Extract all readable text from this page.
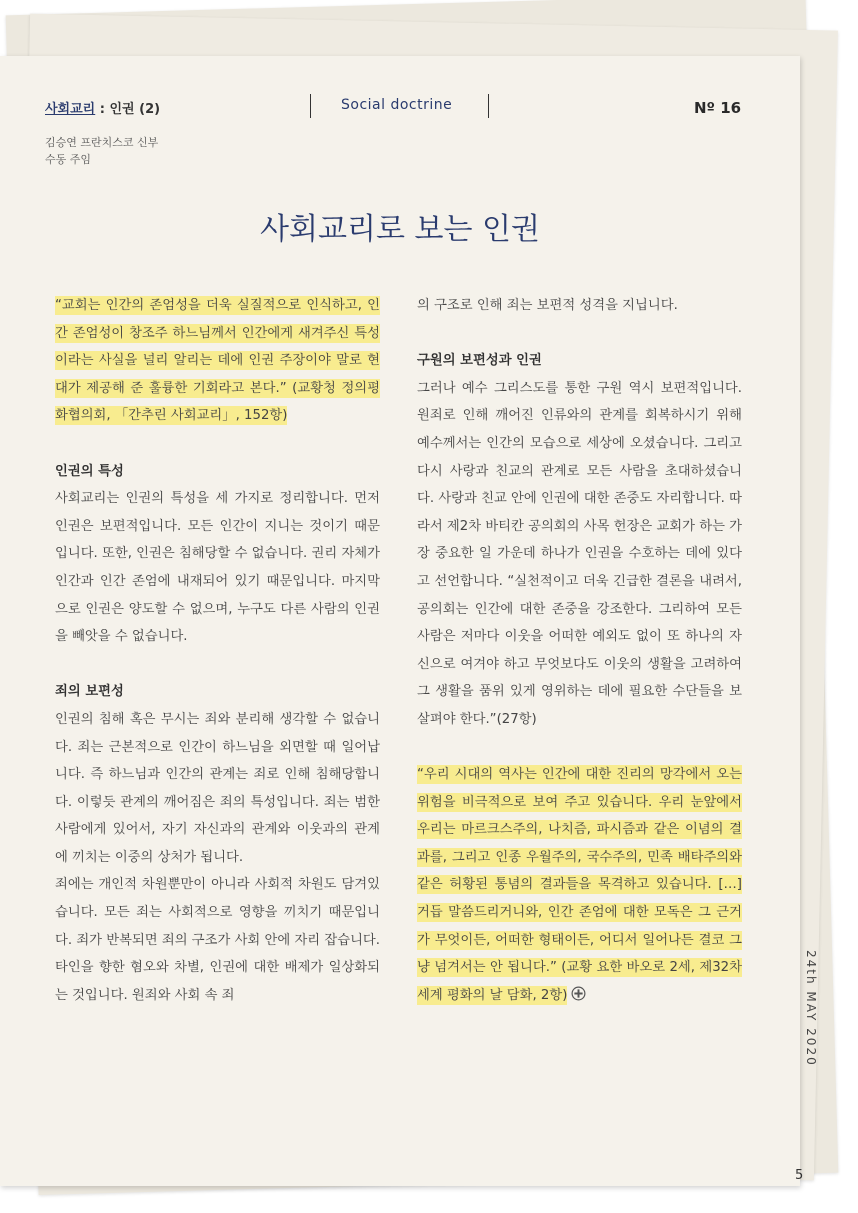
사회교리 : 인권 (2)	Social doctrine	Nº 16
김승연 프란치스코 신부
수동 주임
사회교리로 보는 인권

“교회는 인간의 존엄성을 더욱 실질적으로 인식하고, 인간 존엄성이 창조주 하느님께서 인간에게 새겨주신 특성이라는 사실을 널리 알리는 데에 인권 주장이야 말로 현대가 제공해 준 훌륭한 기회라고 본다.” (교황청 정의평화협의회, 「간추린 사회교리」, 152항)

인권의 특성

사회교리는 인권의 특성을 세 가지로 정리합니다. 먼저 인권은 보편적입니다. 모든 인간이 지니는 것이기 때문입니다. 또한, 인권은 침해당할 수 없습니다. 권리 자체가 인간과 인간 존엄에 내재되어 있기 때문입니다. 마지막으로 인권은 양도할 수 없으며, 누구도 다른 사람의 인권을 빼앗을 수 없습니다.

죄의 보편성

인권의 침해 혹은 무시는 죄와 분리해 생각할 수 없습니다. 죄는 근본적으로 인간이 하느님을 외면할 때 일어납니다. 즉 하느님과 인간의 관계는 죄로 인해 침해당합니다. 이렇듯 관계의 깨어짐은 죄의 특성입니다. 죄는 범한 사람에게 있어서, 자기 자신과의 관계와 이웃과의 관계에 끼치는 이중의 상처가 됩니다.

죄에는 개인적 차원뿐만이 아니라 사회적 차원도 담겨있습니다. 모든 죄는 사회적으로 영향을 끼치기 때문입니다. 죄가 반복되면 죄의 구조가 사회 안에 자리 잡습니다. 타인을 향한 혐오와 차별, 인권에 대한 배제가 일상화되는 것입니다. 원죄와 사회 속 죄

의 구조로 인해 죄는 보편적 성격을 지닙니다.

구원의 보편성과 인권

그러나 예수 그리스도를 통한 구원 역시 보편적입니다. 원죄로 인해 깨어진 인류와의 관계를 회복하시기 위해 예수께서는 인간의 모습으로 세상에 오셨습니다. 그리고 다시 사랑과 친교의 관계로 모든 사람을 초대하셨습니다. 사랑과 친교 안에 인권에 대한 존중도 자리합니다. 따라서 제2차 바티칸 공의회의 사목 헌장은 교회가 하는 가장 중요한 일 가운데 하나가 인권을 수호하는 데에 있다고 선언합니다. “실천적이고 더욱 긴급한 결론을 내려서, 공의회는 인간에 대한 존중을 강조한다. 그리하여 모든 사람은 저마다 이웃을 어떠한 예외도 없이 또 하나의 자신으로 여겨야 하고 무엇보다도 이웃의 생활을 고려하여 그 생활을 품위 있게 영위하는 데에 필요한 수단들을 보살펴야 한다.”(27항)

“우리 시대의 역사는 인간에 대한 진리의 망각에서 오는 위험을 비극적으로 보여 주고 있습니다. 우리 눈앞에서 우리는 마르크스주의, 나치즘, 파시즘과 같은 이념의 결과를, 그리고 인종 우월주의, 국수주의, 민족 배타주의와 같은 허황된 통념의 결과들을 목격하고 있습니다. […] 거듭 말씀드리거니와, 인간 존엄에 대한 모독은 그 근거가 무엇이든, 어떠한 형태이든, 어디서 일어나든 결코 그냥 넘겨서는 안 됩니다.” (교황 요한 바오로 2세, 제32차 세계 평화의 날 담화, 2항)	24th MAY 2020
5
